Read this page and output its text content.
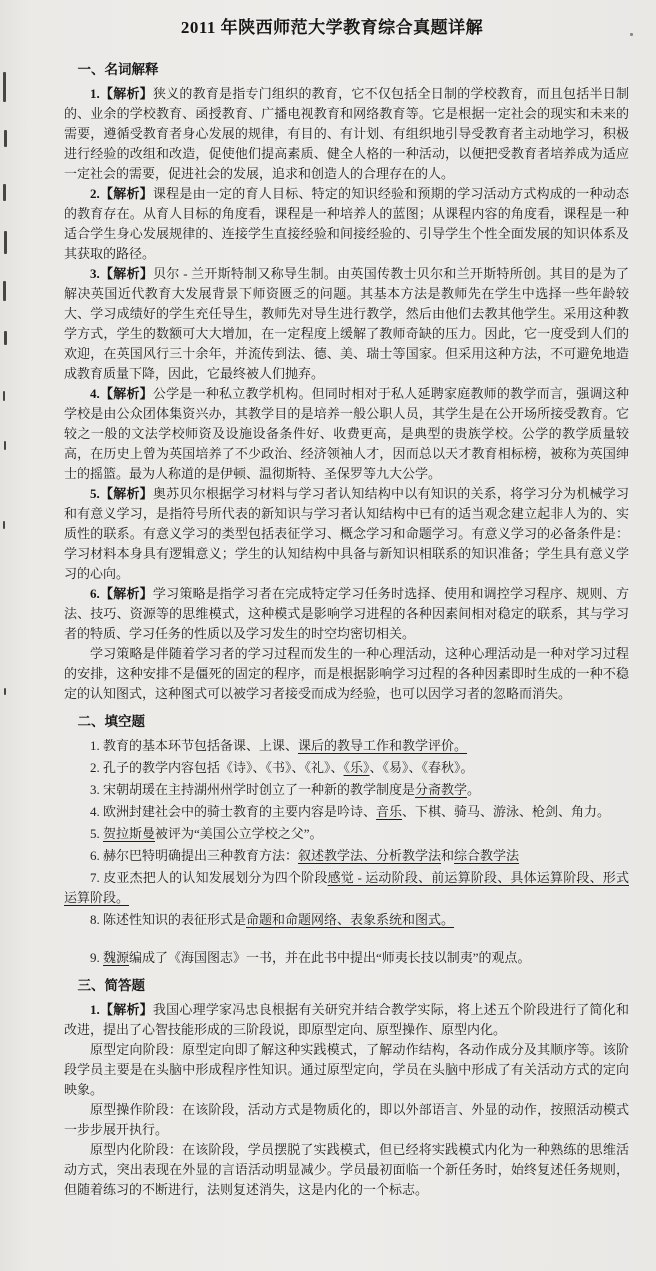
2011 年陕西师范大学教育综合真题详解
一、名词解释

1.【解析】狭义的教育是指专门组织的教育，它不仅包括全日制的学校教育，而且包括半日制的、业余的学校教育、函授教育、广播电视教育和网络教育等。它是根据一定社会的现实和未来的需要，遵循受教育者身心发展的规律，有目的、有计划、有组织地引导受教育者主动地学习，积极进行经验的改组和改造，促使他们提高素质、健全人格的一种活动，以便把受教育者培养成为适应一定社会的需要，促进社会的发展，追求和创造人的合理存在的人。

2.【解析】课程是由一定的育人目标、特定的知识经验和预期的学习活动方式构成的一种动态的教育存在。从育人目标的角度看，课程是一种培养人的蓝图；从课程内容的角度看，课程是一种适合学生身心发展规律的、连接学生直接经验和间接经验的、引导学生个性全面发展的知识体系及其获取的路径。

3.【解析】贝尔 - 兰开斯特制又称导生制。由英国传教士贝尔和兰开斯特所创。其目的是为了解决英国近代教育大发展背景下师资匮乏的问题。其基本方法是教师先在学生中选择一些年龄较大、学习成绩好的学生充任导生，教师先对导生进行教学，然后由他们去教其他学生。采用这种教学方式，学生的数额可大大增加，在一定程度上缓解了教师奇缺的压力。因此，它一度受到人们的欢迎，在英国风行三十余年，并流传到法、德、美、瑞士等国家。但采用这种方法，不可避免地造成教育质量下降，因此，它最终被人们抛弃。

4.【解析】公学是一种私立教学机构。但同时相对于私人延聘家庭教师的教学而言，强调这种学校是由公众团体集资兴办，其教学目的是培养一般公职人员，其学生是在公开场所接受教育。它较之一般的文法学校师资及设施设备条件好、收费更高，是典型的贵族学校。公学的教学质量较高，在历史上曾为英国培养了不少政治、经济领袖人才，因而总以天才教育相标榜，被称为英国绅士的摇篮。最为人称道的是伊顿、温彻斯特、圣保罗等九大公学。

5.【解析】奥苏贝尔根据学习材料与学习者认知结构中以有知识的关系，将学习分为机械学习和有意义学习，是指符号所代表的新知识与学习者认知结构中已有的适当观念建立起非人为的、实质性的联系。有意义学习的类型包括表征学习、概念学习和命题学习。有意义学习的必备条件是：学习材料本身具有逻辑意义；学生的认知结构中具备与新知识相联系的知识准备；学生具有意义学习的心向。

6.【解析】学习策略是指学习者在完成特定学习任务时选择、使用和调控学习程序、规则、方法、技巧、资源等的思维模式，这种模式是影响学习进程的各种因素间相对稳定的联系，其与学习者的特质、学习任务的性质以及学习发生的时空均密切相关。

学习策略是伴随着学习者的学习过程而发生的一种心理活动，这种心理活动是一种对学习过程的安排，这种安排不是僵死的固定的程序，而是根据影响学习过程的各种因素即时生成的一种不稳定的认知图式，这种图式可以被学习者接受而成为经验，也可以因学习者的忽略而消失。

二、填空题

1. 教育的基本环节包括备课、上课、课后的教导工作和教学评价。

2. 孔子的教学内容包括《诗》、《书》、《礼》、《乐》、《易》、《春秋》。

3. 宋朝胡瑗在主持湖州州学时创立了一种新的教学制度是分斋教学。

4. 欧洲封建社会中的骑士教育的主要内容是吟诗、音乐、下棋、骑马、游泳、枪剑、角力。

5. 贺拉斯曼被评为“美国公立学校之父”。

6. 赫尔巴特明确提出三种教育方法：叙述教学法、分析教学法和综合教学法

7. 皮亚杰把人的认知发展划分为四个阶段感觉 - 运动阶段、前运算阶段、具体运算阶段、形式运算阶段。

8. 陈述性知识的表征形式是命题和命题网络、表象系统和图式。

9. 魏源编成了《海国图志》一书，并在此书中提出“师夷长技以制夷”的观点。

三、简答题

1.【解析】我国心理学家冯忠良根据有关研究并结合教学实际，将上述五个阶段进行了简化和改进，提出了心智技能形成的三阶段说，即原型定向、原型操作、原型内化。

原型定向阶段：原型定向即了解这种实践模式，了解动作结构，各动作成分及其顺序等。该阶段学员主要是在头脑中形成程序性知识。通过原型定向，学员在头脑中形成了有关活动方式的定向映象。

原型操作阶段：在该阶段，活动方式是物质化的，即以外部语言、外显的动作，按照活动模式一步步展开执行。

原型内化阶段：在该阶段，学员摆脱了实践模式，但已经将实践模式内化为一种熟练的思维活动方式，突出表现在外显的言语活动明显减少。学员最初面临一个新任务时，始终复述任务规则，但随着练习的不断进行，法则复述消失，这是内化的一个标志。
